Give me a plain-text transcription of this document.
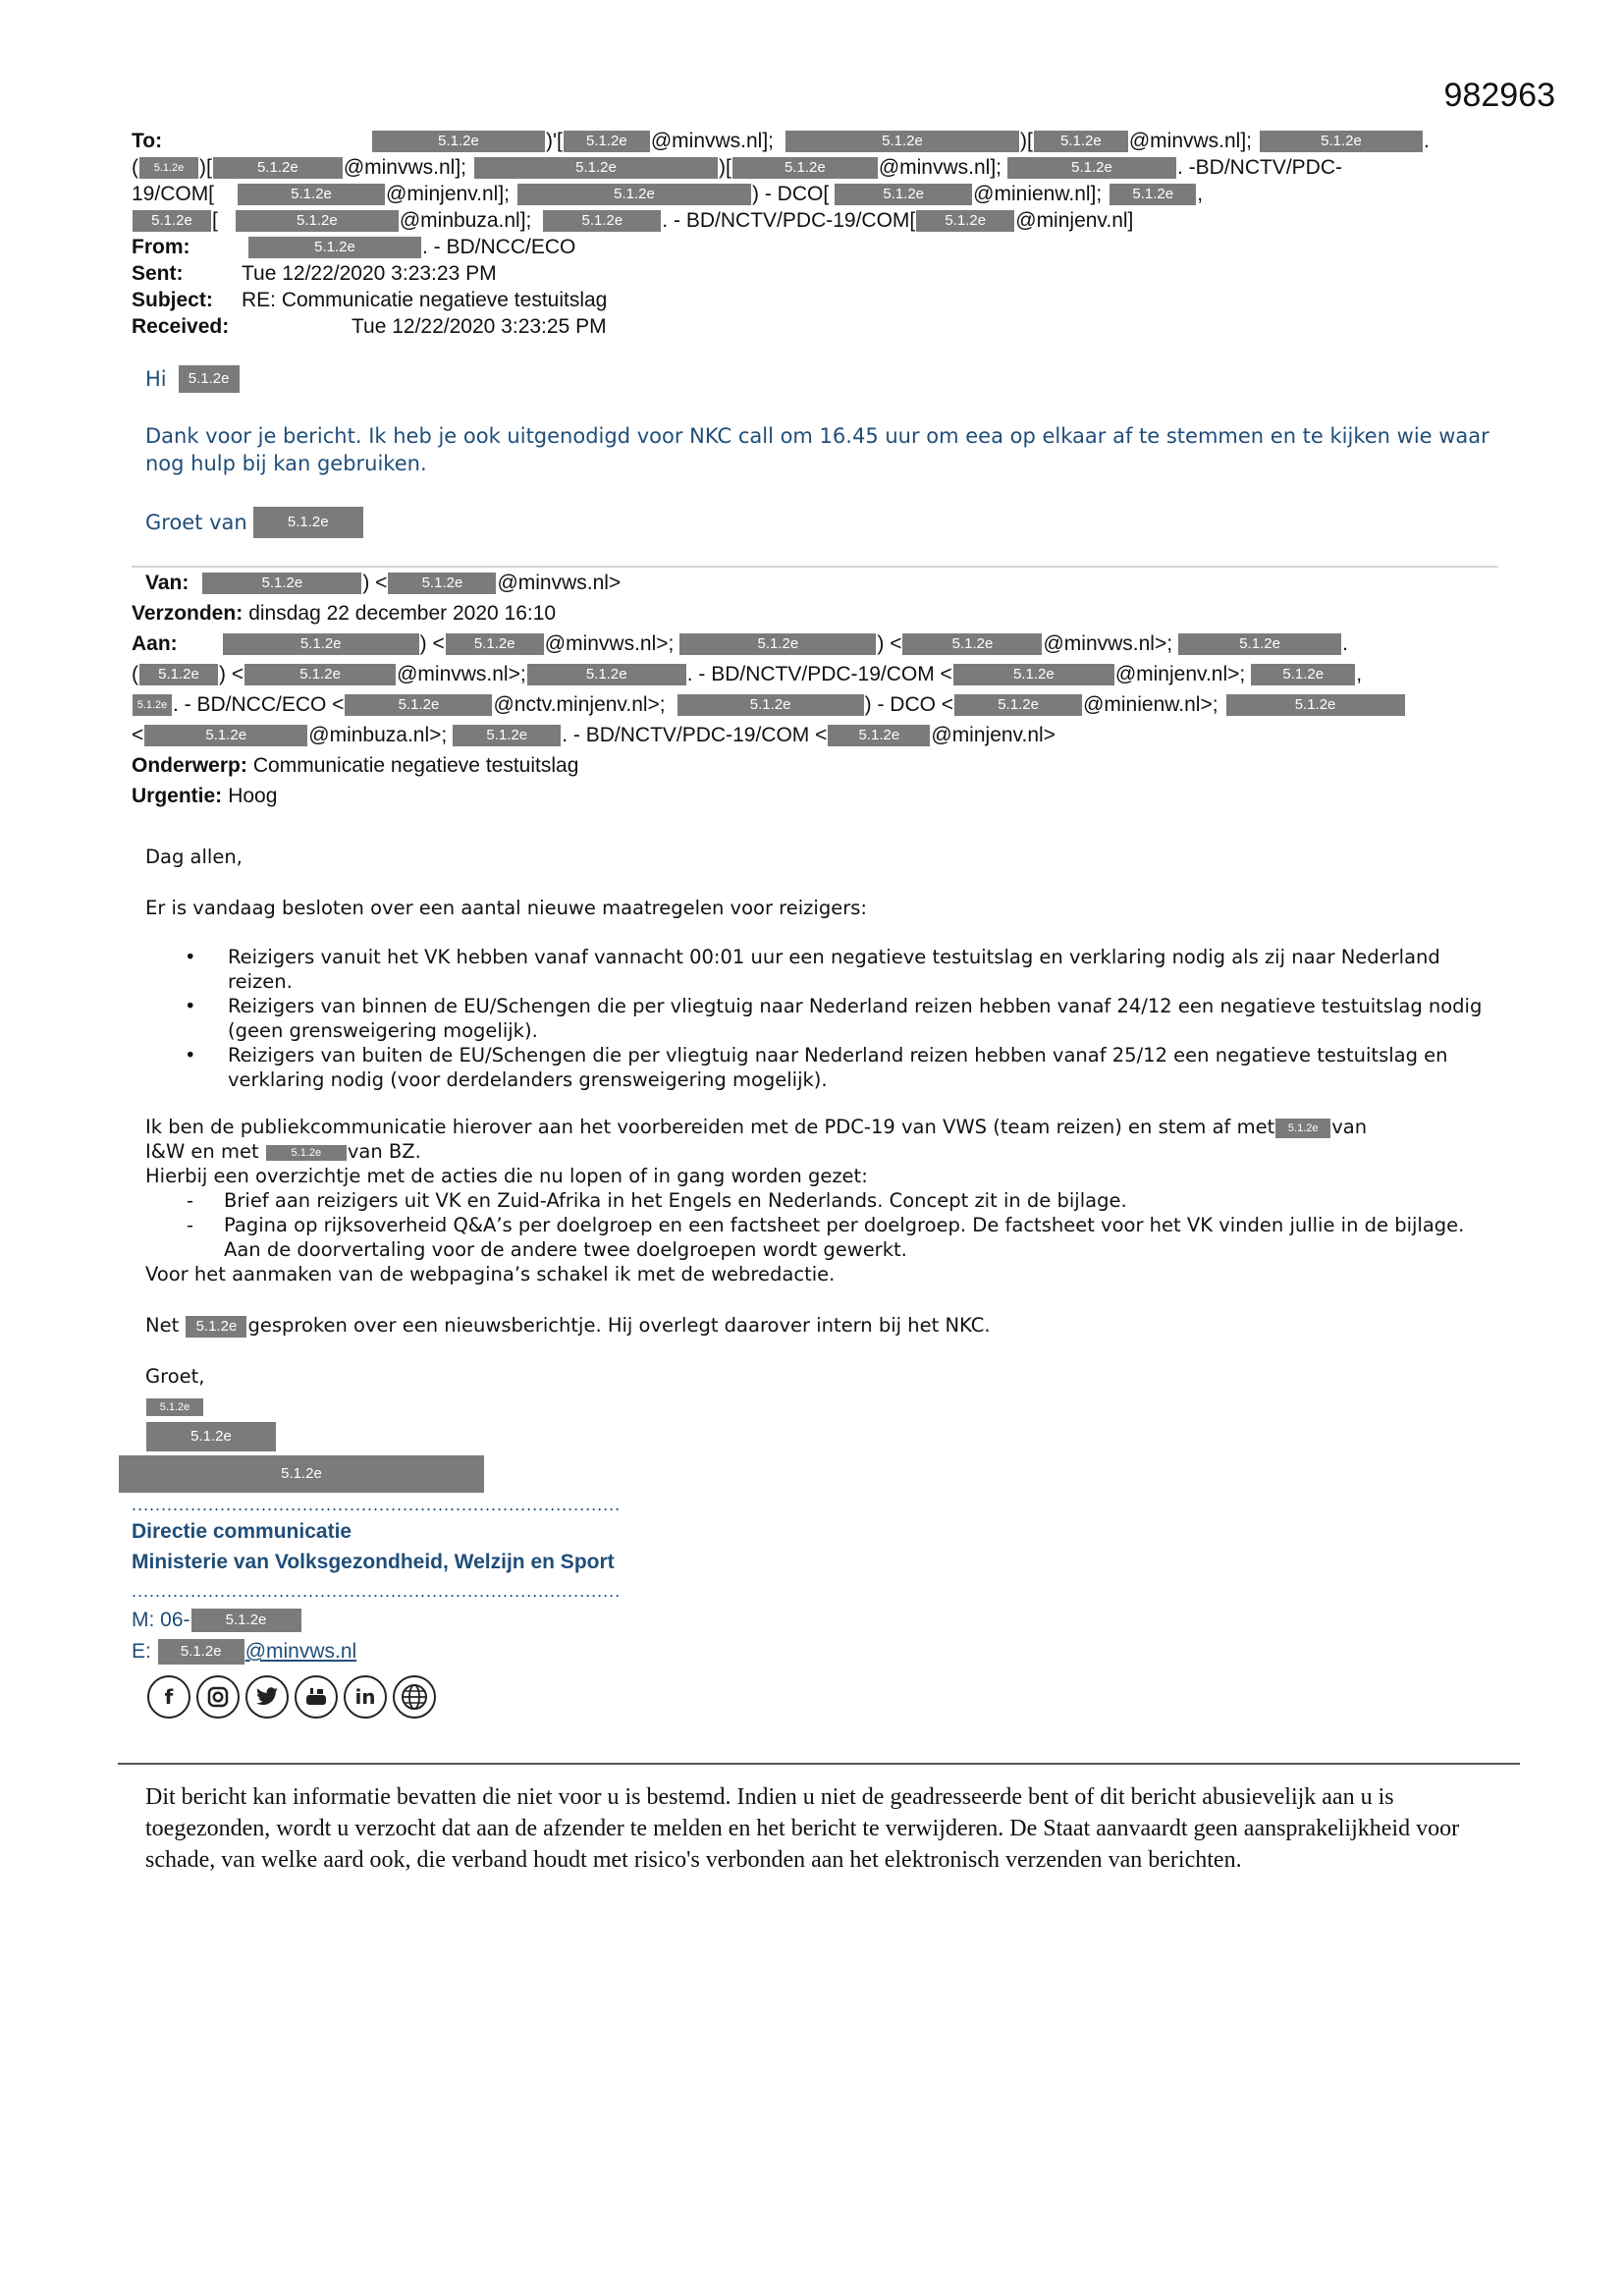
982963
To:	5.1.2e	)'[	5.1.2e	@minvws.nl];	5.1.2e	)[	5.1.2e	@minvws.nl];	5.1.2e	.
(	5.1.2e )[	5.1.2e	@minvws.nl];	5.1.2e	)[	5.1.2e	@minvws.nl];	5.1.2e	. -BD/NCTV/PDC-
19/COM[	5.1.2e	@minjenv.nl];	5.1.2e	) - DCO[	5.1.2e	@minienw.nl];	5.1.2e	,
5.1.2e [	5.1.2e	@minbuza.nl];	5.1.2e	. - BD/NCTV/PDC-19/COM[	5.1.2e	@minjenv.nl]
From:	5.1.2e	. - BD/NCC/ECO
Sent:	Tue 12/22/2020 3:23:23 PM
Subject:	RE: Communicatie negatieve testuitslag
Received:	Tue 12/22/2020 3:23:25 PM
Hi	5.1.2e
Dank voor je bericht. Ik heb je ook uitgenodigd voor NKC call om 16.45 uur om eea op elkaar af te stemmen en te kijken wie waar nog hulp bij kan gebruiken.
Groet van	5.1.2e
Van:	5.1.2e	) <	5.1.2e	@minvws.nl>
Verzonden: dinsdag 22 december 2020 16:10
Aan:	5.1.2e	) <	5.1.2e	@minvws.nl>;	5.1.2e	) <	5.1.2e	@minvws.nl>;	5.1.2e	.
(	5.1.2e ) <	5.1.2e	@minvws.nl>;	5.1.2e	. - BD/NCTV/PDC-19/COM <	5.1.2e	@minjenv.nl>;	5.1.2e	,
5.1.2e . - BD/NCC/ECO <	5.1.2e	@nctv.minjenv.nl>;	5.1.2e	) - DCO <	5.1.2e	@minienw.nl>;	5.1.2e
<	5.1.2e	@minbuza.nl>;	5.1.2e	. - BD/NCTV/PDC-19/COM <	5.1.2e	@minjenv.nl>
Onderwerp: Communicatie negatieve testuitslag
Urgentie: Hoog

Dag allen,

Er is vandaag besloten over een aantal nieuwe maatregelen voor reizigers:

• Reizigers vanuit het VK hebben vanaf vannacht 00:01 uur een negatieve testuitslag en verklaring nodig als zij naar Nederland reizen.
• Reizigers van binnen de EU/Schengen die per vliegtuig naar Nederland reizen hebben vanaf 24/12 een negatieve testuitslag nodig (geen grensweigering mogelijk).
• Reizigers van buiten de EU/Schengen die per vliegtuig naar Nederland reizen hebben vanaf 25/12 een negatieve testuitslag en verklaring nodig (voor derdelanders grensweigering mogelijk).

Ik ben de publiekcommunicatie hierover aan het voorbereiden met de PDC-19 van VWS (team reizen) en stem af met 5.1.2e van
I&W en met	5.1.2e van BZ.

Hierbij een overzichtje met de acties die nu lopen of in gang worden gezet:

- Brief aan reizigers uit VK en Zuid-Afrika in het Engels en Nederlands. Concept zit in de bijlage.
- Pagina op rijksoverheid Q&A’s per doelgroep en een factsheet per doelgroep. De factsheet voor het VK vinden jullie in de bijlage. Aan de doorvertaling voor de andere twee doelgroepen wordt gewerkt.

Voor het aanmaken van de webpagina’s schakel ik met de webredactie.

Net 5.1.2e gesproken over een nieuwsberichtje. Hij overlegt daarover intern bij het NKC.

Groet,

5.1.2e
5.1.2e
5.1.2e
...................................................................................
Directie communicatie
Ministerie van Volksgezondheid, Welzijn en Sport
...................................................................................
M:
06-	5.1.2e
E:
	5.1.2e	@minvws.nl
f	in
Dit bericht kan informatie bevatten die niet voor u is bestemd. Indien u niet de geadresseerde bent of dit bericht abusievelijk aan u is toegezonden, wordt u verzocht dat aan de afzender te melden en het bericht te verwijderen. De Staat aanvaardt geen aansprakelijkheid voor schade, van welke aard ook, die verband houdt met risico's verbonden aan het elektronisch verzenden van berichten.
